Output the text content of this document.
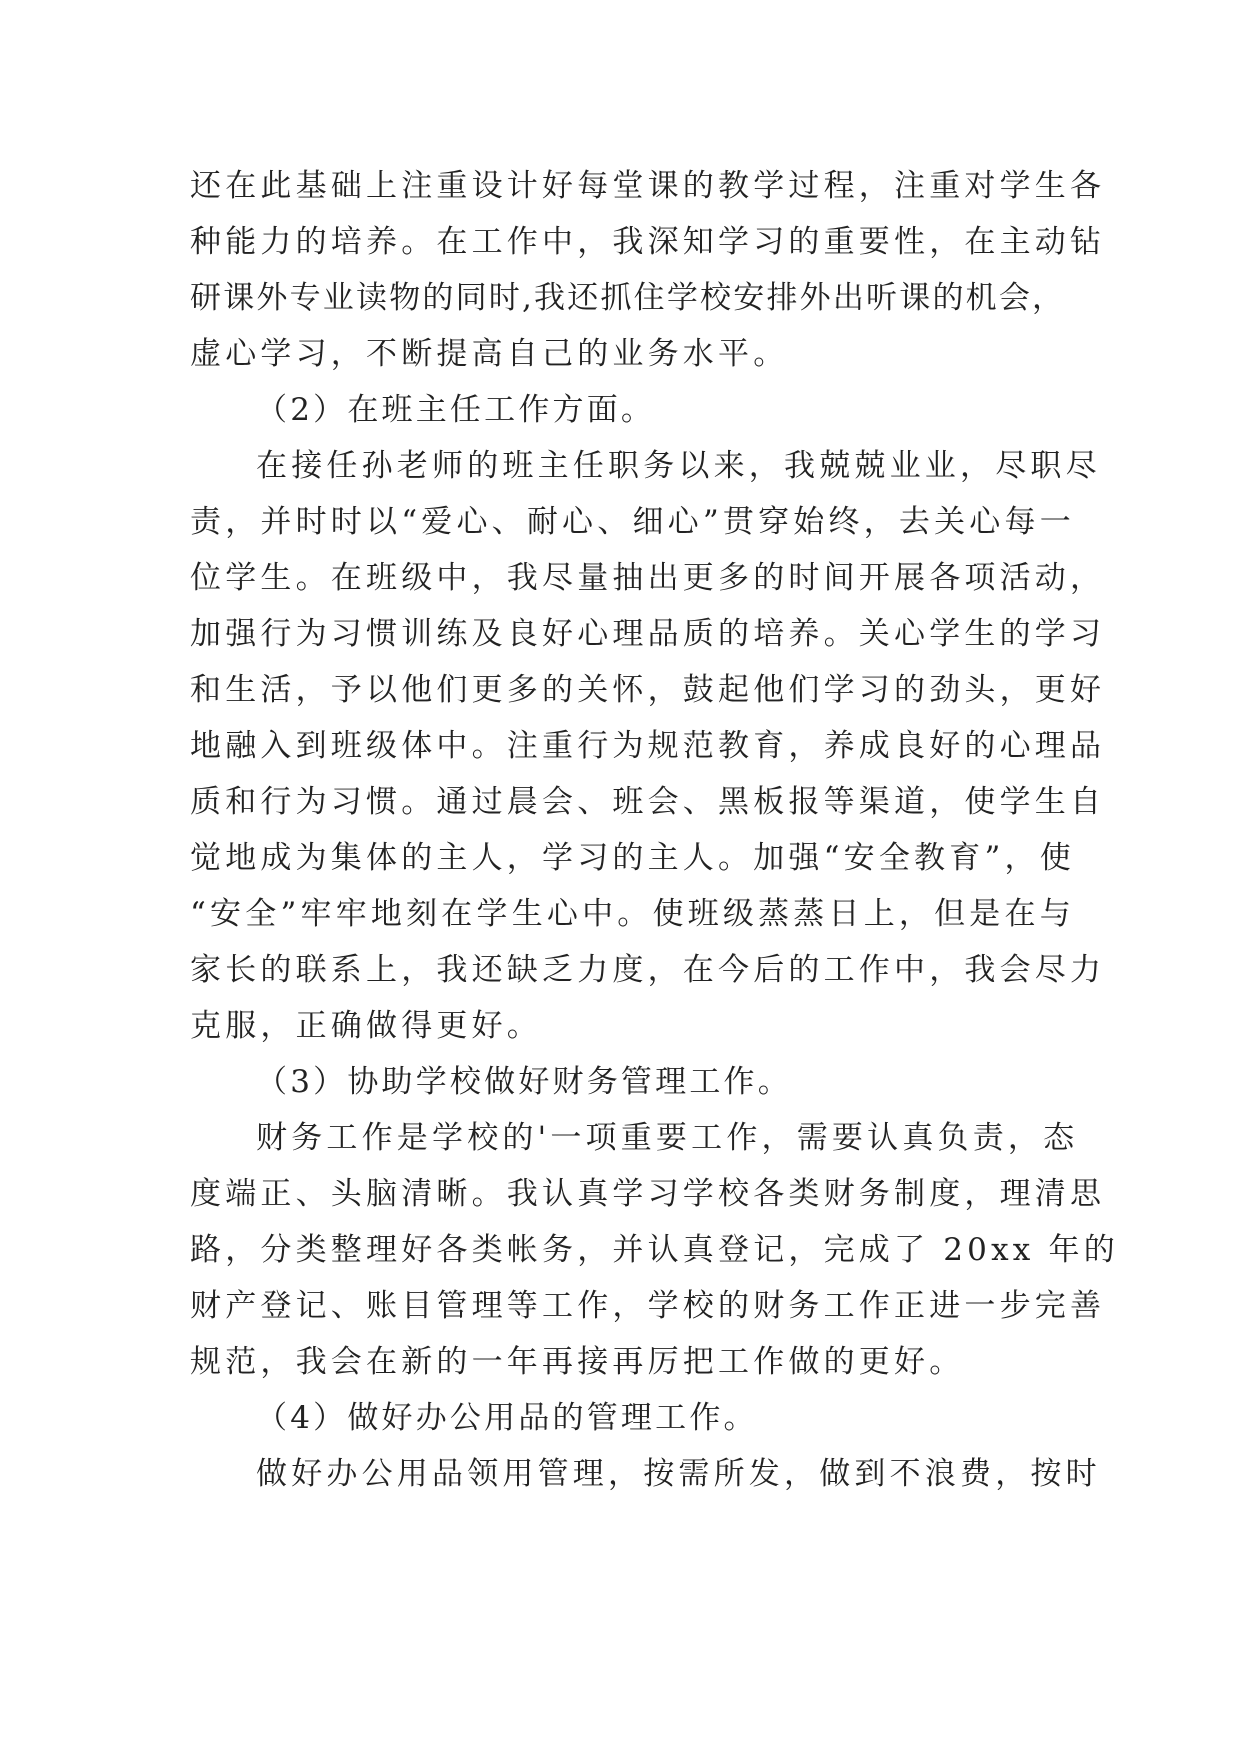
还在此基础上注重设计好每堂课的教学过程，注重对学生各
种能力的培养。在工作中，我深知学习的重要性，在主动钻
研课外专业读物的同时,我还抓住学校安排外出听课的机会，
虚心学习，不断提高自己的业务水平。
（2）在班主任工作方面。
在接任孙老师的班主任职务以来，我兢兢业业，尽职尽
责，并时时以“爱心、耐心、细心”贯穿始终，去关心每一
位学生。在班级中，我尽量抽出更多的时间开展各项活动，
加强行为习惯训练及良好心理品质的培养。关心学生的学习
和生活，予以他们更多的关怀，鼓起他们学习的劲头，更好
地融入到班级体中。注重行为规范教育，养成良好的心理品
质和行为习惯。通过晨会、班会、黑板报等渠道，使学生自
觉地成为集体的主人，学习的主人。加强“安全教育”，使
“安全”牢牢地刻在学生心中。使班级蒸蒸日上，但是在与
家长的联系上，我还缺乏力度，在今后的工作中，我会尽力
克服，正确做得更好。
（3）协助学校做好财务管理工作。
财务工作是学校的'一项重要工作，需要认真负责，态
度端正、头脑清晰。我认真学习学校各类财务制度，理清思
路，分类整理好各类帐务，并认真登记，完成了 20xx 年的
财产登记、账目管理等工作，学校的财务工作正进一步完善
规范，我会在新的一年再接再厉把工作做的更好。
（4）做好办公用品的管理工作。
做好办公用品领用管理，按需所发，做到不浪费，按时
